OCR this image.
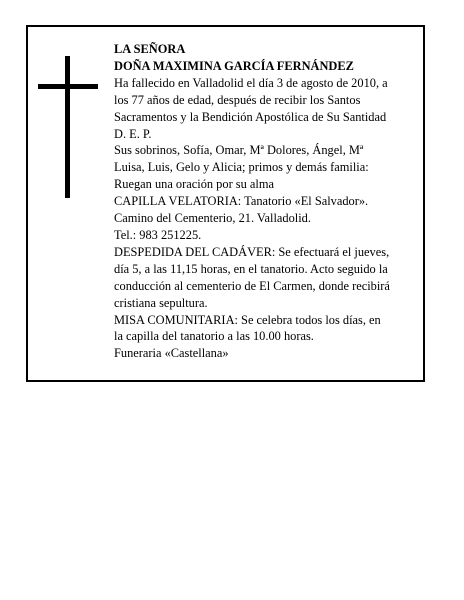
LA SEÑORA
DOÑA MAXIMINA GARCÍA FERNÁNDEZ
Ha fallecido en Valladolid el día 3 de agosto de 2010, a
los 77 años de edad, después de recibir los Santos
Sacramentos y la Bendición Apostólica de Su Santidad
D. E. P.
Sus sobrinos, Sofía, Omar, Mª Dolores, Ángel, Mª
Luisa, Luis, Gelo y Alicia; primos y demás familia:
Ruegan una oración por su alma
CAPILLA VELATORIA: Tanatorio «El Salvador».
Camino del Cementerio, 21. Valladolid.
Tel.: 983 251225.
DESPEDIDA DEL CADÁVER: Se efectuará el jueves,
día 5, a las 11,15 horas, en el tanatorio. Acto seguido la
conducción al cementerio de El Carmen, donde recibirá
cristiana sepultura.
MISA COMUNITARIA: Se celebra todos los días, en
la capilla del tanatorio a las 10.00 horas.
Funeraria «Castellana»
